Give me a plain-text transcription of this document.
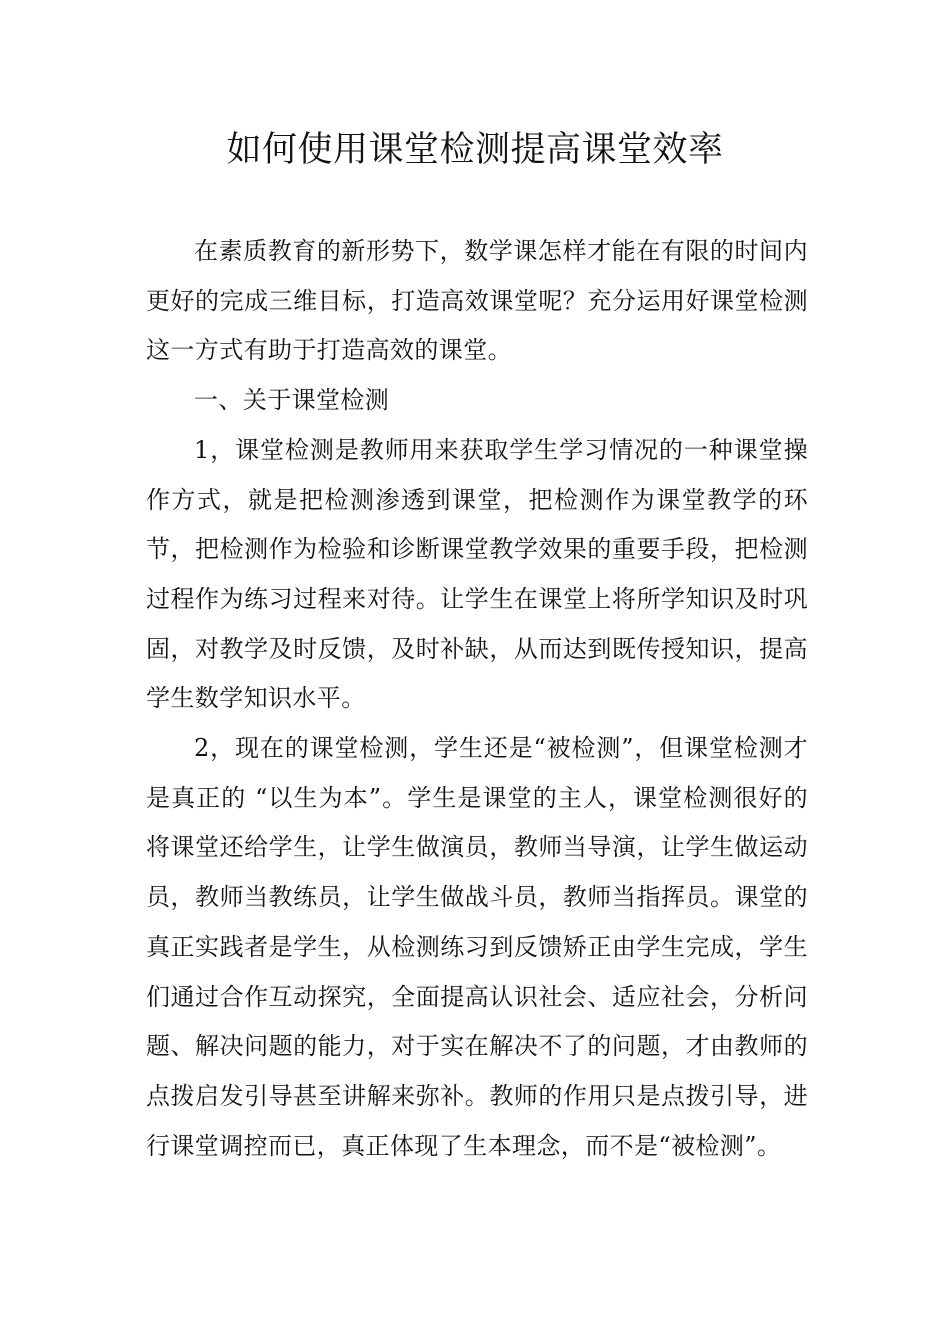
如何使用课堂检测提高课堂效率

在素质教育的新形势下，数学课怎样才能在有限的时间内更好的完成三维目标，打造高效课堂呢？充分运用好课堂检测这一方式有助于打造高效的课堂。

一、关于课堂检测

1，课堂检测是教师用来获取学生学习情况的一种课堂操作方式，就是把检测渗透到课堂，把检测作为课堂教学的环节，把检测作为检验和诊断课堂教学效果的重要手段，把检测过程作为练习过程来对待。让学生在课堂上将所学知识及时巩固，对教学及时反馈，及时补缺，从而达到既传授知识，提高学生数学知识水平。

2，现在的课堂检测，学生还是“被检测”，但课堂检测才是真正的 “以生为本”。学生是课堂的主人，课堂检测很好的将课堂还给学生，让学生做演员，教师当导演，让学生做运动员，教师当教练员，让学生做战斗员，教师当指挥员。课堂的真正实践者是学生，从检测练习到反馈矫正由学生完成，学生们通过合作互动探究，全面提高认识社会、适应社会，分析问题、解决问题的能力，对于实在解决不了的问题，才由教师的点拨启发引导甚至讲解来弥补。教师的作用只是点拨引导，进行课堂调控而已，真正体现了生本理念，而不是“被检测”。
